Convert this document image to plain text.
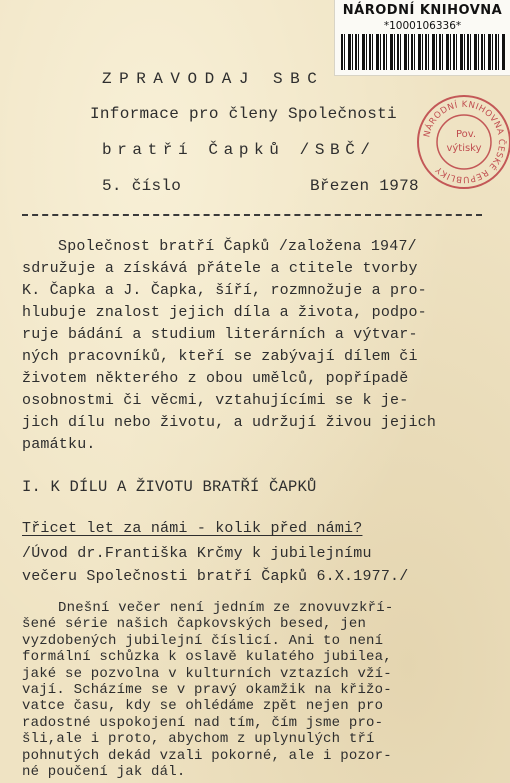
NÁRODNÍ KNIHOVNA
*1000106336*
NÁRODNÍ KNIHOVNA ČESKÉ REPUBLIKY
Pov.
výtisky
ZPRAVODAJ SBC
Informace pro členy Společnosti
bratří Čapků /SBČ/
5. číslo	Březen 1978
Společnost bratří Čapků /založena 1947/
sdružuje a získává přátele a ctitele tvorby
K. Čapka a J. Čapka, šíří, rozmnožuje a pro-
hlubuje znalost jejich díla a života, podpo-
ruje bádání a studium literárních a výtvar-
ných pracovníků, kteří se zabývají dílem či
životem některého z obou umělců, popřípadě
osobnostmi či věcmi, vztahujícími se k je-
jich dílu nebo životu, a udržují živou jejich
památku.
I. K DÍLU A ŽIVOTU BRATŘÍ ČAPKŮ
Třicet let za námi - kolik před námi?
/Úvod dr.Františka Krčmy k jubilejnímu
večeru Společnosti bratří Čapků 6.X.1977./
Dnešní večer není jedním ze znovuvzkří-
šené série našich čapkovských besed, jen
vyzdobených jubilejní číslicí. Ani to není
formální schůzka k oslavě kulatého jubilea,
jaké se pozvolna v kulturních vztazích vží-
vají. Scházíme se v pravý okamžik na křižo-
vatce času, kdy se ohlédáme zpět nejen pro
radostné uspokojení nad tím, čím jsme pro-
šli,ale i proto, abychom z uplynulých tří
pohnutých dekád vzali pokorné, ale i pozor-
né poučení jak dál.
